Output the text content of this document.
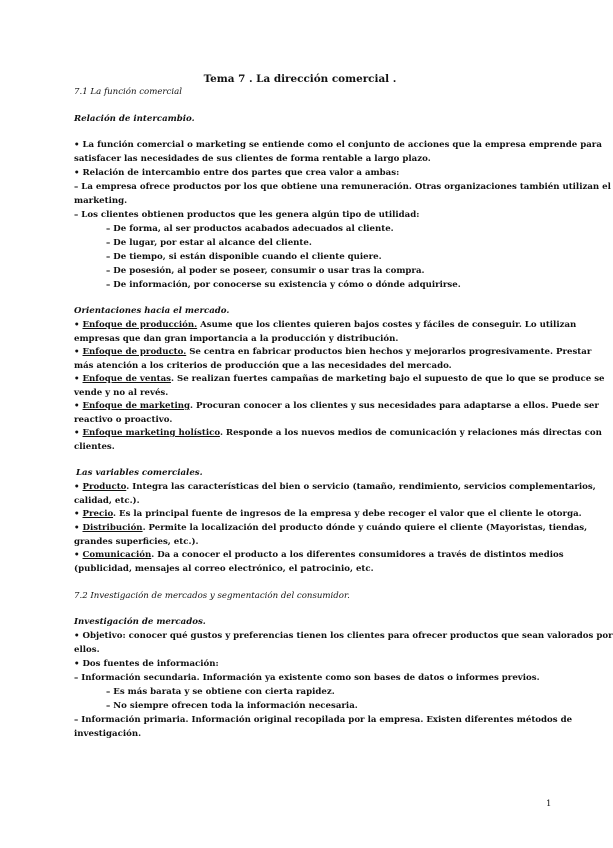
Tema 7 . La dirección comercial .
7.1 La función comercial
Relación de intercambio.
• La función comercial o marketing se entiende como el conjunto de acciones que la empresa emprende para
satisfacer las necesidades de sus clientes de forma rentable a largo plazo.
• Relación de intercambio entre dos partes que crea valor a ambas:
– La empresa ofrece productos por los que obtiene una remuneración. Otras organizaciones también utilizan el
marketing.
– Los clientes obtienen productos que les genera algún tipo de utilidad:
– De forma, al ser productos acabados adecuados al cliente.
– De lugar, por estar al alcance del cliente.
– De tiempo, si están disponible cuando el cliente quiere.
– De posesión, al poder se poseer, consumir o usar tras la compra.
– De información, por conocerse su existencia y cómo o dónde adquirirse.
Orientaciones hacia el mercado.
• Enfoque de producción. Asume que los clientes quieren bajos costes y fáciles de conseguir. Lo utilizan
empresas que dan gran importancia a la producción y distribución.
• Enfoque de producto. Se centra en fabricar productos bien hechos y mejorarlos progresivamente. Prestar
más atención a los criterios de producción que a las necesidades del mercado.
• Enfoque de ventas. Se realizan fuertes campañas de marketing bajo el supuesto de que lo que se produce se
vende y no al revés.
• Enfoque de marketing. Procuran conocer a los clientes y sus necesidades para adaptarse a ellos. Puede ser
reactivo o proactivo.
• Enfoque marketing holístico. Responde a los nuevos medios de comunicación y relaciones más directas con
clientes.
Las variables comerciales.
• Producto. Integra las características del bien o servicio (tamaño, rendimiento, servicios complementarios,
calidad, etc.).
• Precio. Es la principal fuente de ingresos de la empresa y debe recoger el valor que el cliente le otorga.
• Distribución. Permite la localización del producto dónde y cuándo quiere el cliente (Mayoristas, tiendas,
grandes superficies, etc.).
• Comunicación. Da a conocer el producto a los diferentes consumidores a través de distintos medios
(publicidad, mensajes al correo electrónico, el patrocinio, etc.
7.2 Investigación de mercados y segmentación del consumidor.
Investigación de mercados.
• Objetivo: conocer qué gustos y preferencias tienen los clientes para ofrecer productos que sean valorados por
ellos.
• Dos fuentes de información:
– Información secundaria. Información ya existente como son bases de datos o informes previos.
– Es más barata y se obtiene con cierta rapidez.
– No siempre ofrecen toda la información necesaria.
– Información primaria. Información original recopilada por la empresa. Existen diferentes métodos de
investigación.
1
